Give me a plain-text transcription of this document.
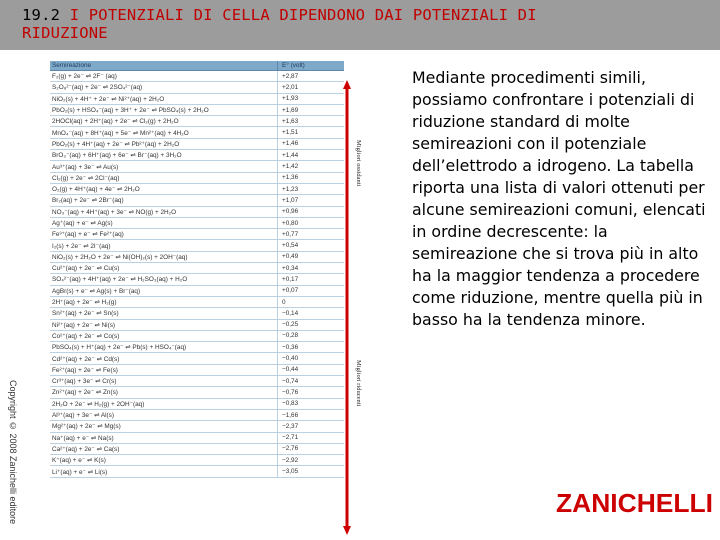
19.2 I POTENZIALI DI CELLA DIPENDONO DAI POTENZIALI DI
RIDUZIONE
Copyright © 2008 Zanichelli editore
Semireazione	E° (volt)
F₂(g) + 2e⁻ ⇌ 2F⁻ (aq)	+2,87
S₂O₈²⁻(aq) + 2e⁻ ⇌ 2SO₄²⁻(aq)	+2,01
NiO₂(s) + 4H⁺ + 2e⁻ ⇌ Ni²⁺(aq) + 2H₂O	+1,93
PbO₂(s) + HSO₄⁻(aq) + 3H⁺ + 2e⁻ ⇌ PbSO₄(s) + 2H₂O	+1,69
2HOCl(aq) + 2H⁺(aq) + 2e⁻ ⇌ Cl₂(g) + 2H₂O	+1,63
MnO₄⁻(aq) + 8H⁺(aq) + 5e⁻ ⇌ Mn²⁺(aq) + 4H₂O	+1,51
PbO₂(s) + 4H⁺(aq) + 2e⁻ ⇌ Pb²⁺(aq) + 2H₂O	+1,46
BrO₃⁻(aq) + 6H⁺(aq) + 6e⁻ ⇌ Br⁻(aq) + 3H₂O	+1,44
Au³⁺(aq) + 3e⁻ ⇌ Au(s)	+1,42
Cl₂(g) + 2e⁻ ⇌ 2Cl⁻(aq)	+1,36
O₂(g) + 4H⁺(aq) + 4e⁻ ⇌ 2H₂O	+1,23
Br₂(aq) + 2e⁻ ⇌ 2Br⁻(aq)	+1,07
NO₃⁻(aq) + 4H⁺(aq) + 3e⁻ ⇌ NO(g) + 2H₂O	+0,96
Ag⁺(aq) + e⁻ ⇌ Ag(s)	+0,80
Fe³⁺(aq) + e⁻ ⇌ Fe²⁺(aq)	+0,77
I₂(s) + 2e⁻ ⇌ 2I⁻(aq)	+0,54
NiO₂(s) + 2H₂O + 2e⁻ ⇌ Ni(OH)₂(s) + 2OH⁻(aq)	+0,49
Cu²⁺(aq) + 2e⁻ ⇌ Cu(s)	+0,34
SO₄²⁻(aq) + 4H⁺(aq) + 2e⁻ ⇌ H₂SO₃(aq) + H₂O	+0,17
AgBr(s) + e⁻ ⇌ Ag(s) + Br⁻(aq)	+0,07
2H⁺(aq) + 2e⁻ ⇌ H₂(g)	0
Sn²⁺(aq) + 2e⁻ ⇌ Sn(s)	−0,14
Ni²⁺(aq) + 2e⁻ ⇌ Ni(s)	−0,25
Co²⁺(aq) + 2e⁻ ⇌ Co(s)	−0,28
PbSO₄(s) + H⁺(aq) + 2e⁻ ⇌ Pb(s) + HSO₄⁻(aq)	−0,36
Cd²⁺(aq) + 2e⁻ ⇌ Cd(s)	−0,40
Fe²⁺(aq) + 2e⁻ ⇌ Fe(s)	−0,44
Cr³⁺(aq) + 3e⁻ ⇌ Cr(s)	−0,74
Zn²⁺(aq) + 2e⁻ ⇌ Zn(s)	−0,76
2H₂O + 2e⁻ ⇌ H₂(g) + 2OH⁻(aq)	−0,83
Al³⁺(aq) + 3e⁻ ⇌ Al(s)	−1,66
Mg²⁺(aq) + 2e⁻ ⇌ Mg(s)	−2,37
Na⁺(aq) + e⁻ ⇌ Na(s)	−2,71
Ca²⁺(aq) + 2e⁻ ⇌ Ca(s)	−2,76
K⁺(aq) + e⁻ ⇌ K(s)	−2,92
Li⁺(aq) + e⁻ ⇌ Li(s)	−3,05
Migliori ossidanti
Migliori riducenti
Mediante procedimenti simili, possiamo confrontare i potenziali di riduzione standard di molte semireazioni con il potenziale dell’elettrodo a idrogeno. La tabella riporta una lista di valori ottenuti per alcune semireazioni comuni, elencati in ordine decrescente: la semireazione che si trova più in alto ha la maggior tendenza a procedere come riduzione, mentre quella più in basso ha la tendenza minore.
ZANICHELLI
